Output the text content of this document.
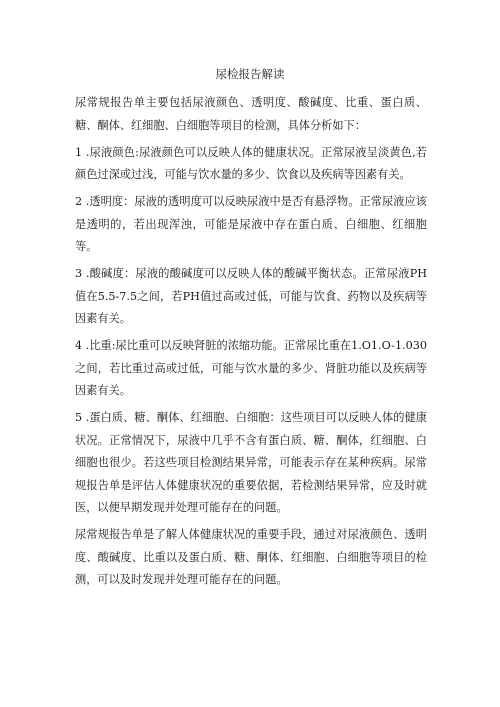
尿检报告解读

尿常规报告单主要包括尿液颜色、透明度、酸碱度、比重、蛋白质、糖、酮体、红细胞、白细胞等项目的检测，具体分析如下：

1 .尿液颜色:尿液颜色可以反映人体的健康状况。正常尿液呈淡黄色,若颜色过深或过浅，可能与饮水量的多少、饮食以及疾病等因素有关。

2 .透明度：尿液的透明度可以反映尿液中是否有悬浮物。正常尿液应该是透明的，若出现浑浊，可能是尿液中存在蛋白质、白细胞、红细胞等。

3 .酸碱度：尿液的酸碱度可以反映人体的酸碱平衡状态。正常尿液PH值在5.5-7.5之间，若PH值过高或过低，可能与饮食、药物以及疾病等因素有关。

4 .比重:尿比重可以反映肾脏的浓缩功能。正常尿比重在1.O1.O-1.030之间，若比重过高或过低，可能与饮水量的多少、肾脏功能以及疾病等因素有关。

5 .蛋白质、糖、酮体、红细胞、白细胞：这些项目可以反映人体的健康状况。正常情况下，尿液中几乎不含有蛋白质、糖、酮体，红细胞、白细胞也很少。若这些项目检测结果异常，可能表示存在某种疾病。尿常规报告单是评估人体健康状况的重要依据，若检测结果异常，应及时就医，以便早期发现并处理可能存在的问题。

尿常规报告单是了解人体健康状况的重要手段，通过对尿液颜色、透明度、酸碱度、比重以及蛋白质、糖、酮体、红细胞、白细胞等项目的检测，可以及时发现并处理可能存在的问题。
